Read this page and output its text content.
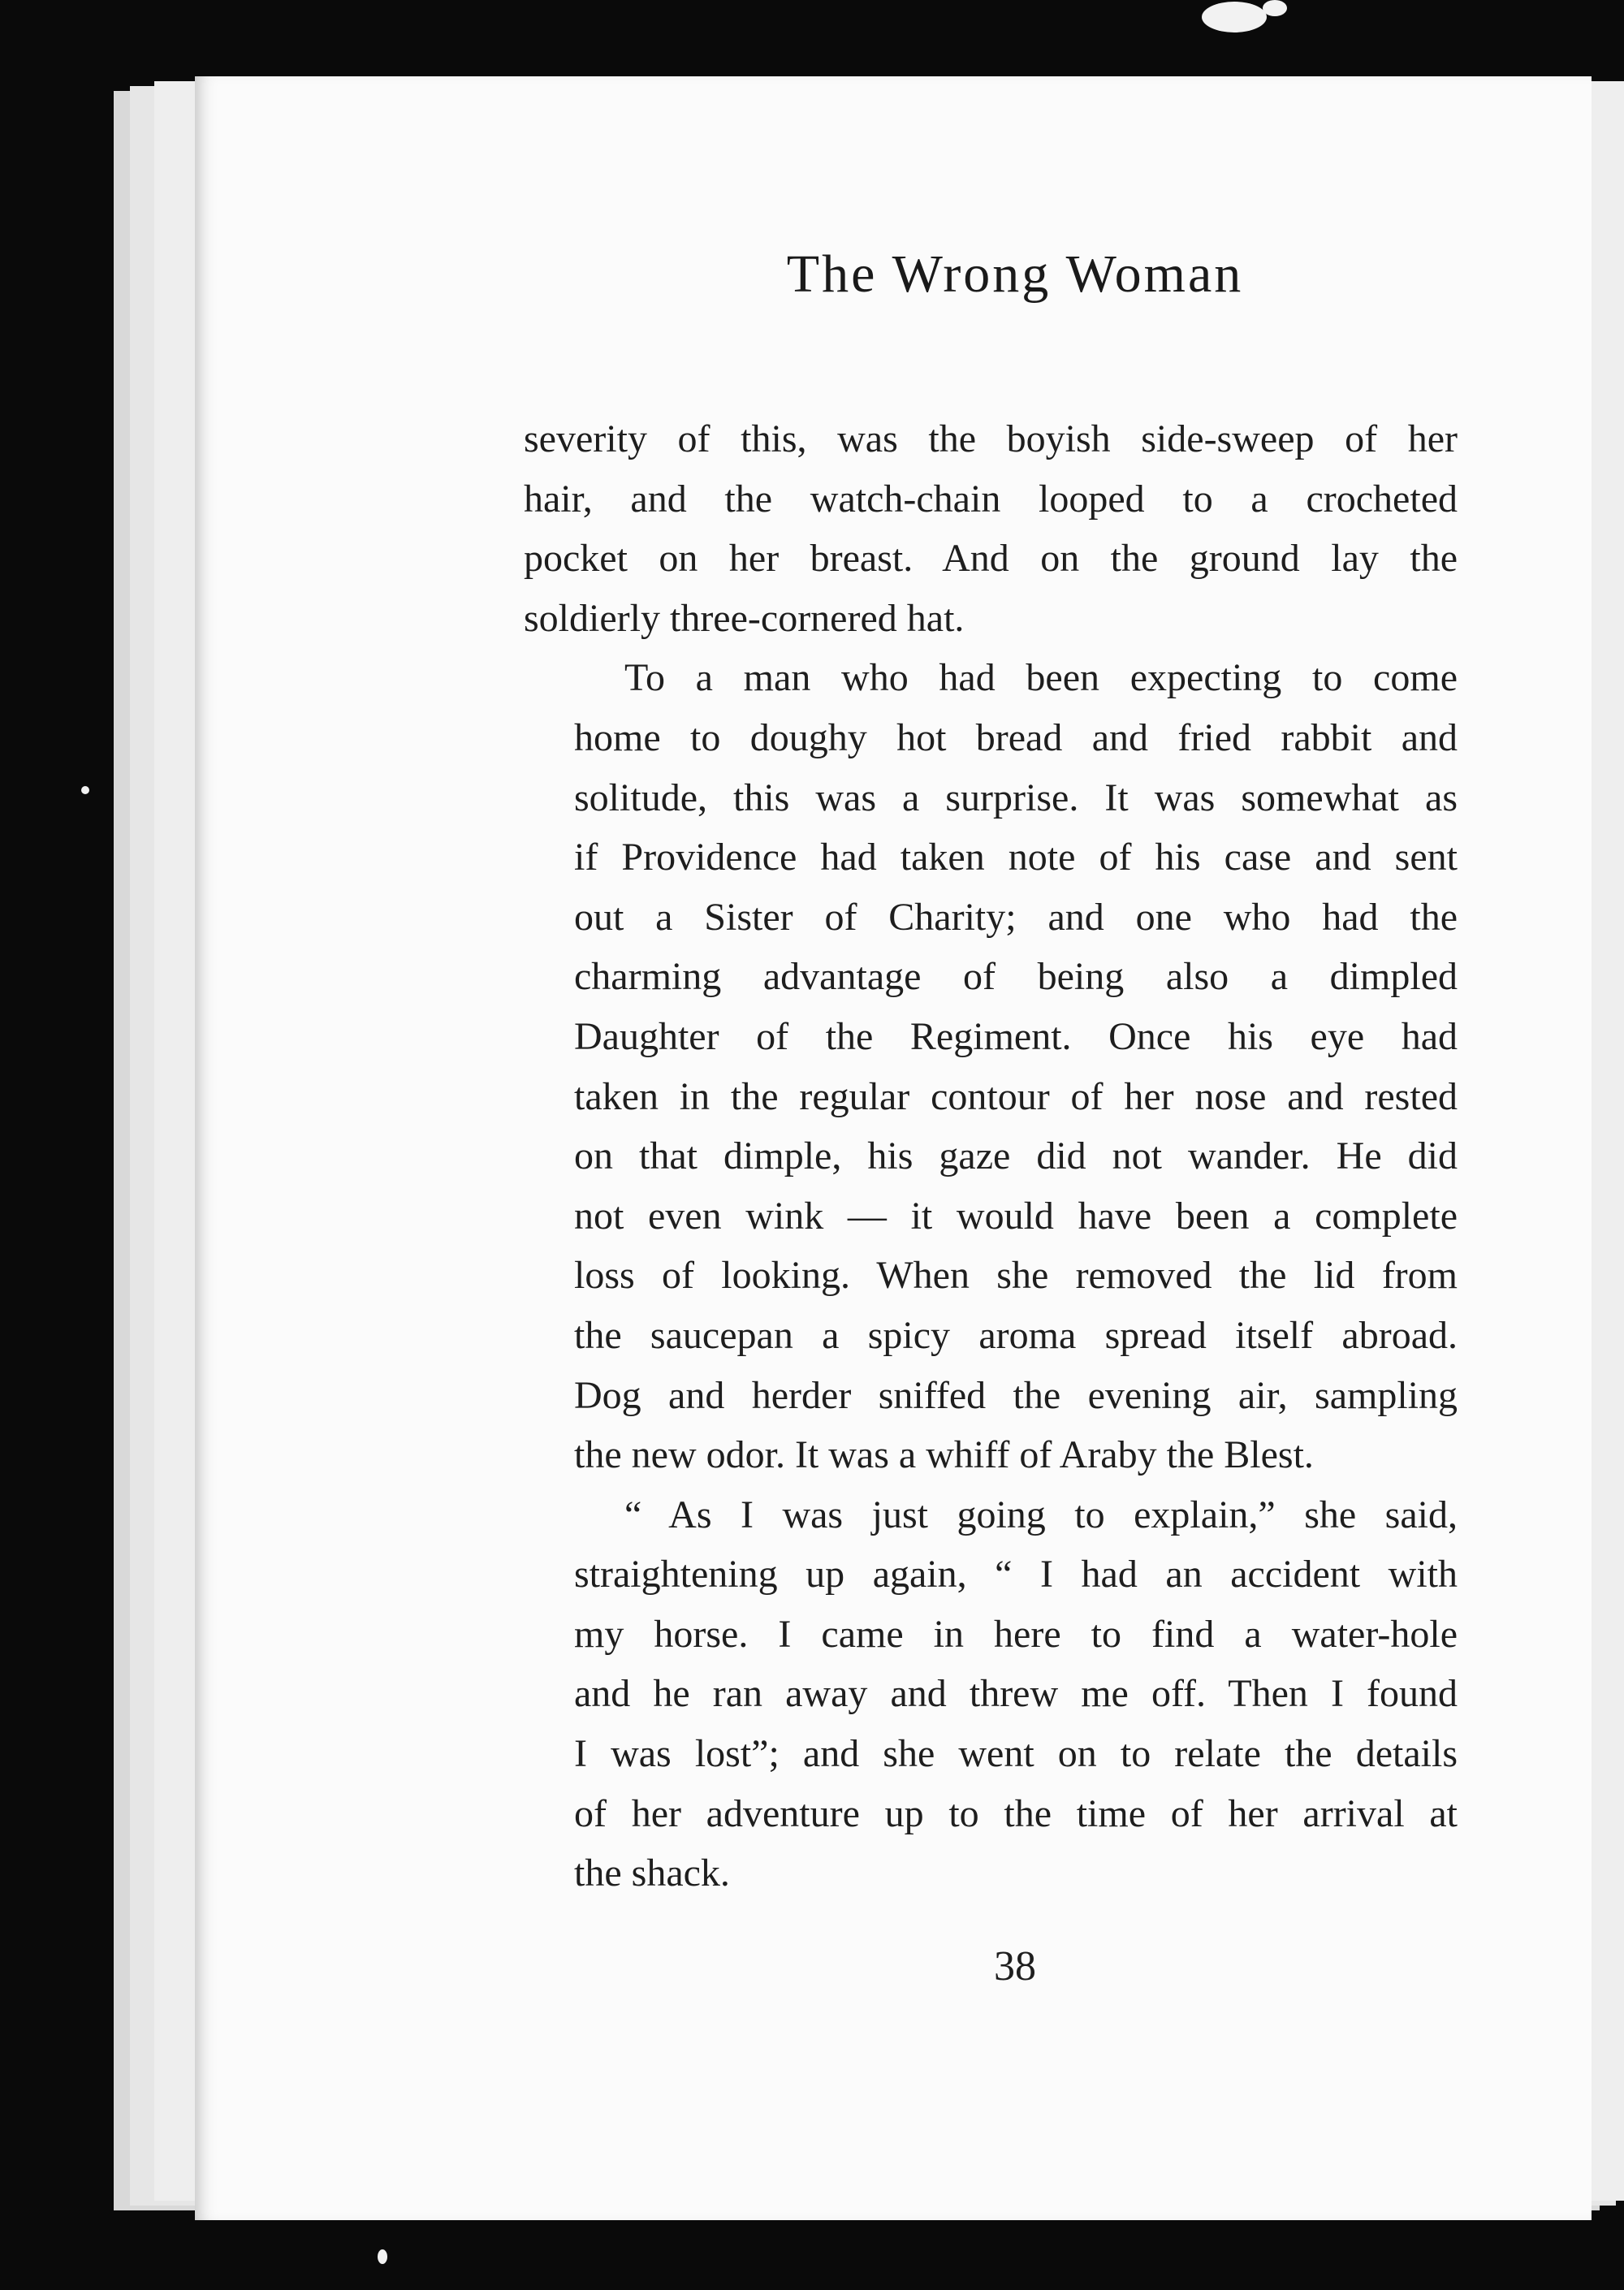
The Wrong Woman

severity of this, was the boyish side-sweep of her
hair, and the watch-chain looped to a crocheted
pocket on her breast. And on the ground lay the
soldierly three-cornered hat.

To a man who had been expecting to come
home to doughy hot bread and fried rabbit and
solitude, this was a surprise. It was somewhat as
if Providence had taken note of his case and sent
out a Sister of Charity; and one who had the
charming advantage of being also a dimpled
Daughter of the Regiment. Once his eye had
taken in the regular contour of her nose and rested
on that dimple, his gaze did not wander. He did
not even wink — it would have been a complete
loss of looking. When she removed the lid from
the saucepan a spicy aroma spread itself abroad.
Dog and herder sniffed the evening air, sampling
the new odor. It was a whiff of Araby the Blest.

“ As I was just going to explain,” she said,
straightening up again, “ I had an accident with
my horse. I came in here to find a water-hole
and he ran away and threw me off. Then I found
I was lost”; and she went on to relate the details
of her adventure up to the time of her arrival at
the shack.

38
